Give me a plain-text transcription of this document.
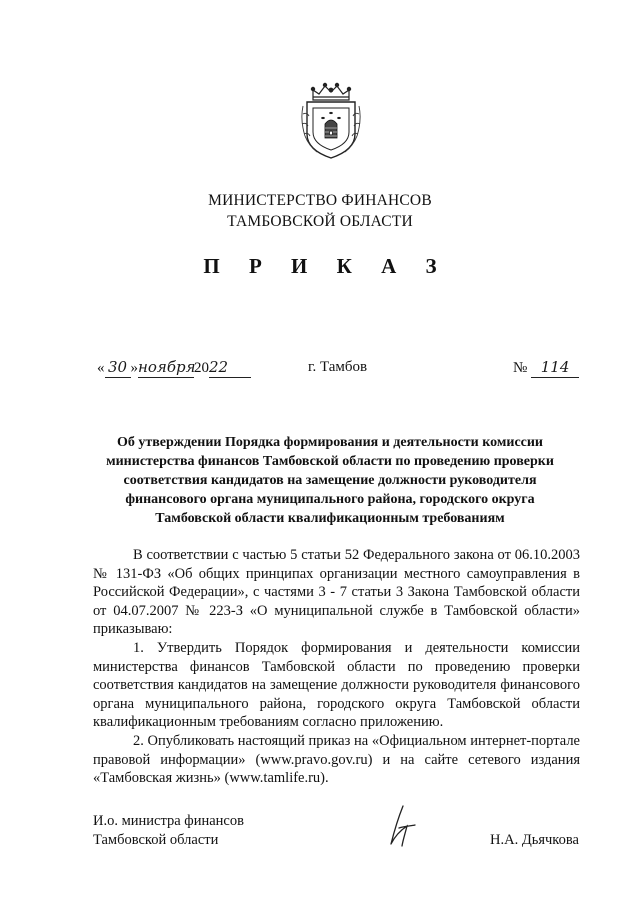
МИНИСТЕРСТВО ФИНАНСОВ
ТАМБОВСКОЙ ОБЛАСТИ
П Р И К А З
« 30 »ноября2022	г. Тамбов	№ 114
Об утверждении Порядка формирования и деятельности комиссии
министерства финансов Тамбовской области по проведению проверки
соответствия кандидатов на замещение должности руководителя
финансового органа муниципального района, городского округа
Тамбовской области квалификационным требованиям

В соответствии с частью 5 статьи 52 Федерального закона от 06.10.2003 № 131-ФЗ «Об общих принципах организации местного самоуправления в Российской Федерации», с частями 3 - 7 статьи 3 Закона Тамбовской области от 04.07.2007 № 223-З «О муниципальной службе в Тамбовской области» приказываю:

1. Утвердить Порядок формирования и деятельности комиссии министерства финансов Тамбовской области по проведению проверки соответствия кандидатов на замещение должности руководителя финансового органа муниципального района, городского округа Тамбовской области квалификационным требованиям согласно приложению.

2. Опубликовать настоящий приказ на «Официальном интернет-портале правовой информации» (www.pravo.gov.ru) и на сайте сетевого издания «Тамбовская жизнь» (www.tamlife.ru).

И.о. министра финансов
Тамбовской области	Н.А. Дьячкова
